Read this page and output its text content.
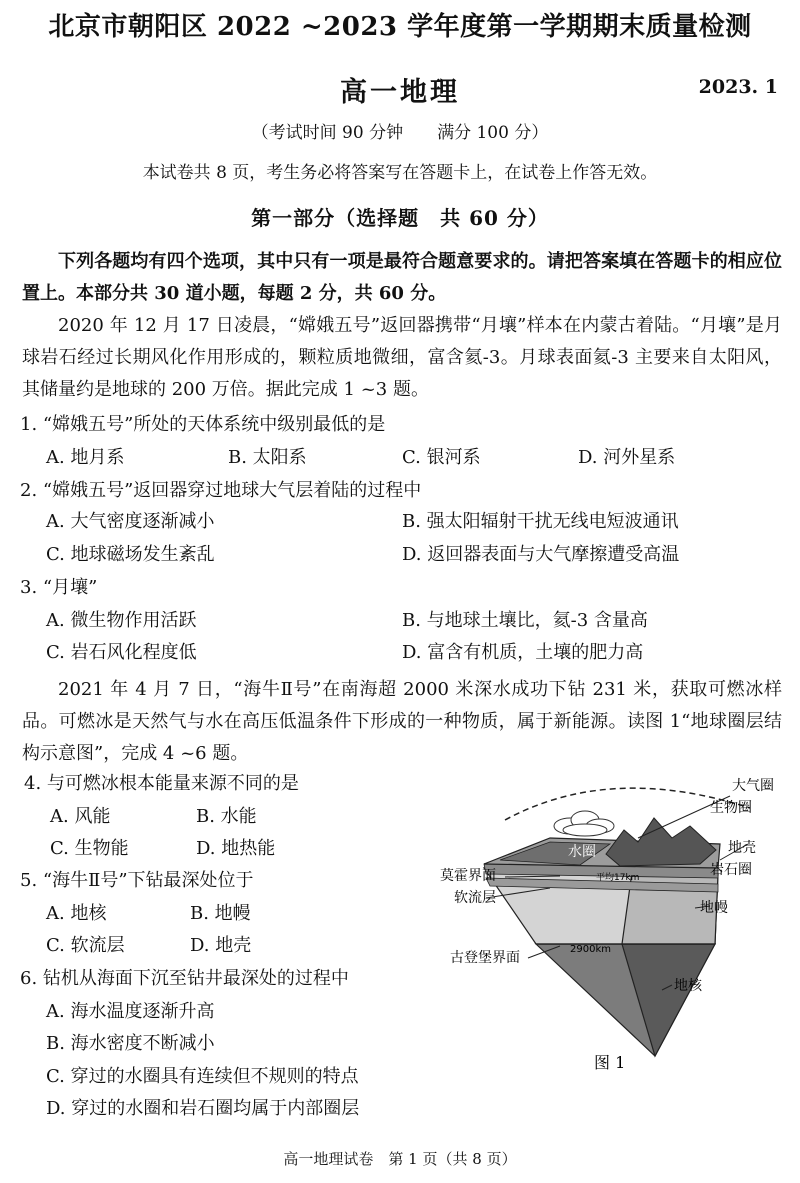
北京市朝阳区 2022 ~2023 学年度第一学期期末质量检测
高一地理	2023. 1
（考试时间 90 分钟　　满分 100 分）
本试卷共 8 页，考生务必将答案写在答题卡上，在试卷上作答无效。
第一部分（选择题　共 60 分）
下列各题均有四个选项，其中只有一项是最符合题意要求的。请把答案填在答题卡的相应位置上。本部分共 30 道小题，每题 2 分，共 60 分。
2020 年 12 月 17 日凌晨，“嫦娥五号”返回器携带“月壤”样本在内蒙古着陆。“月壤”是月球岩石经过长期风化作用形成的，颗粒质地微细，富含氦-3。月球表面氦-3 主要来自太阳风，其储量约是地球的 200 万倍。据此完成 1 ~3 题。
1. “嫦娥五号”所处的天体系统中级别最低的是
A. 地月系	B. 太阳系	C. 银河系	D. 河外星系
2. “嫦娥五号”返回器穿过地球大气层着陆的过程中
A. 大气密度逐渐减小	B. 强太阳辐射干扰无线电短波通讯
C. 地球磁场发生紊乱	D. 返回器表面与大气摩擦遭受高温
3. “月壤”
A. 微生物作用活跃	B. 与地球土壤比，氦-3 含量高
C. 岩石风化程度低	D. 富含有机质，土壤的肥力高
2021 年 4 月 7 日，“海牛Ⅱ号”在南海超 2000 米深水成功下钻 231 米，获取可燃冰样品。可燃冰是天然气与水在高压低温条件下形成的一种物质，属于新能源。读图 1“地球圈层结构示意图”，完成 4 ~6 题。
4. 与可燃冰根本能量来源不同的是
A. 风能	B. 水能
C. 生物能	D. 地热能
5. “海牛Ⅱ号”下钻最深处位于
A. 地核	B. 地幔
C. 软流层	D. 地壳
6. 钻机从海面下沉至钻井最深处的过程中
A. 海水温度逐渐升高
B. 海水密度不断减小
C. 穿过的水圈具有连续但不规则的特点
D. 穿过的水圈和岩石圈均属于内部圈层
大气圈
生物圈
水圈	地壳
岩石圈
莫霍界面	平均17km
软流层
地幔
古登堡界面
2900km
地核
图 1
高一地理试卷　第 1 页（共 8 页）
